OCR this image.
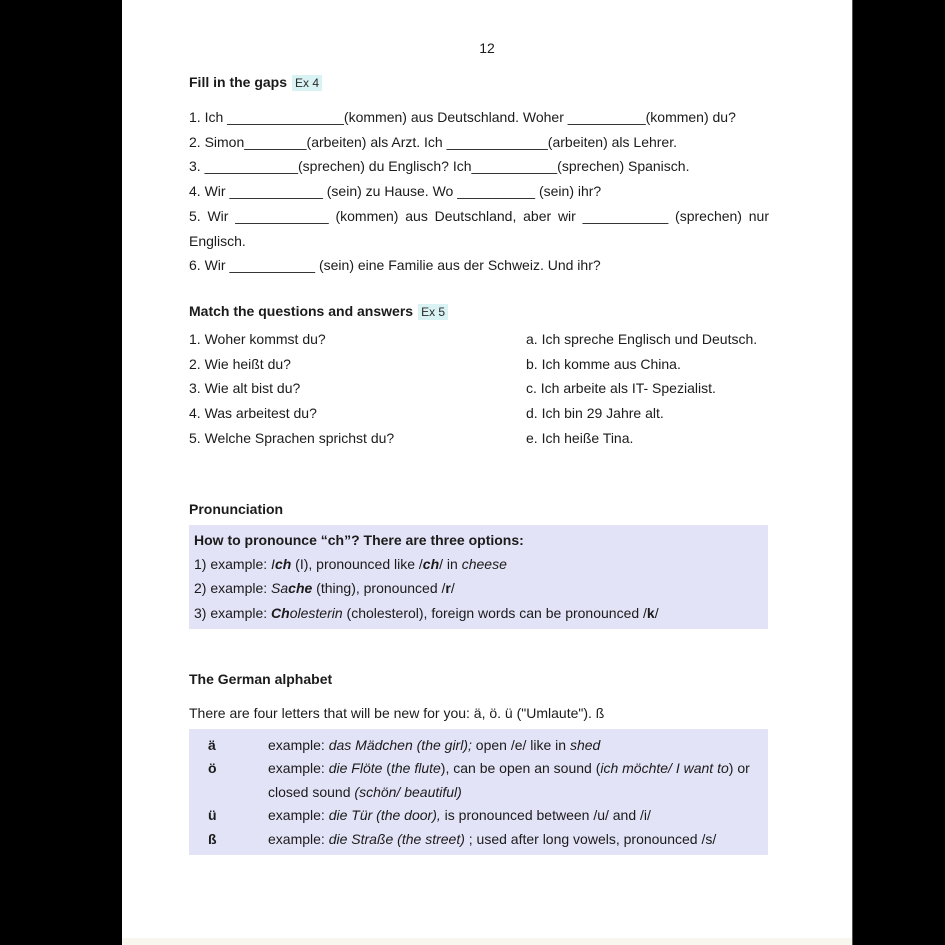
12
Fill in the gaps Ex 4
1. Ich _______________(kommen) aus Deutschland. Woher __________(kommen) du?
2. Simon________(arbeiten) als Arzt. Ich _____________(arbeiten) als Lehrer.
3. ____________(sprechen) du Englisch? Ich___________(sprechen) Spanisch.
4. Wir ____________ (sein) zu Hause. Wo __________ (sein) ihr?
5. Wir ____________ (kommen) aus Deutschland, aber wir ___________ (sprechen) nur
Englisch.
6. Wir ___________ (sein) eine Familie aus der Schweiz. Und ihr?
Match the questions and answers Ex 5
1. Woher kommst du?	a. Ich spreche Englisch und Deutsch.
2. Wie heißt du?	b. Ich komme aus China.
3. Wie alt bist du?	c. Ich arbeite als IT- Spezialist.
4. Was arbeitest du?	d. Ich bin 29 Jahre alt.
5. Welche Sprachen sprichst du?	e. Ich heiße Tina.
Pronunciation
How to pronounce “ch”? There are three options:
1) example: Ich (I), pronounced like /ch/ in cheese
2) example: Sache (thing), pronounced /r/
3) example: Cholesterin (cholesterol), foreign words can be pronounced /k/
The German alphabet
There are four letters that will be new for you: ä, ö. ü ("Umlaute"). ß
ä	example: das Mädchen (the girl); open /e/ like in shed
ö	example: die Flöte (the flute), can be open an sound (ich möchte/ I want to) or
closed sound (schön/ beautiful)
ü	example: die Tür (the door), is pronounced between /u/ and /i/
ß	example: die Straße (the street) ; used after long vowels, pronounced /s/
